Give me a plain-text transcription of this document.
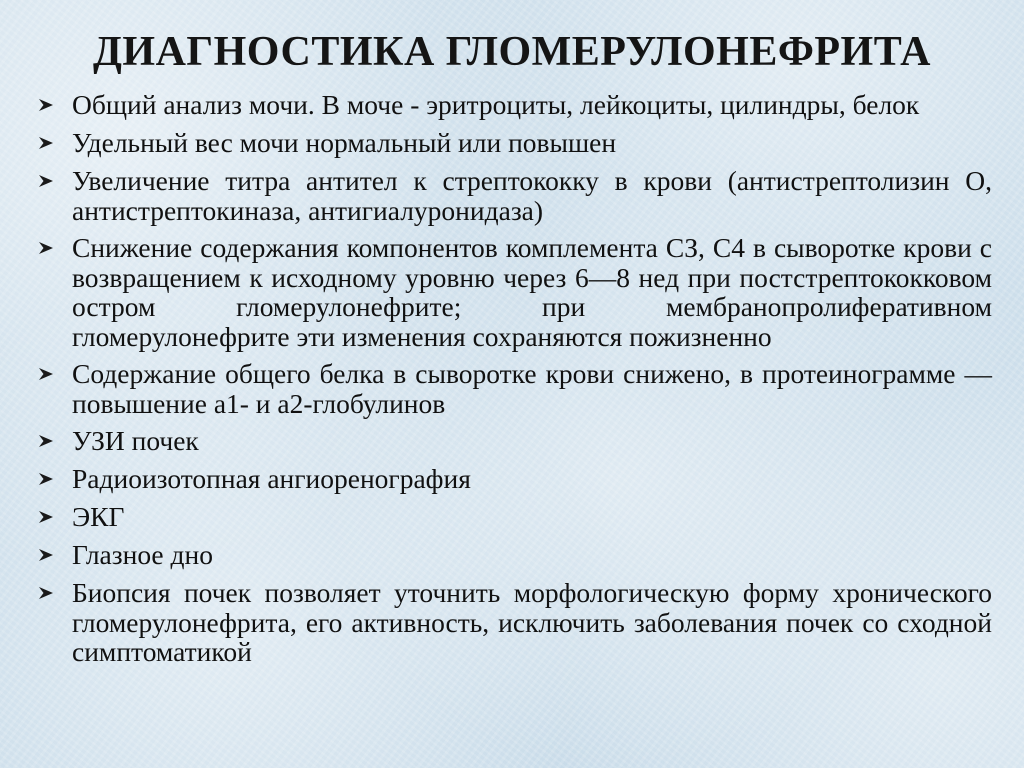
ДИАГНОСТИКА ГЛОМЕРУЛОНЕФРИТА
Общий анализ мочи. В моче - эритроциты, лейкоциты, цилиндры, белок
Удельный вес мочи нормальный или повышен
Увеличение титра антител к стрептококку в крови (антистрептолизин О, антистрептокиназа, антигиалуронидаза)
Снижение содержания компонентов комплемента СЗ, С4 в сыворотке крови с возвращением к исходному уровню через 6—8 нед при постстрептококковом остром гломерулонефрите; при мембранопролиферативном гломерулонефрите эти изменения сохраняются пожизненно
Содержание общего белка в сыворотке крови снижено, в протеинограмме — повышение а1- и а2-глобулинов
УЗИ почек
Радиоизотопная ангиореногpафия
ЭКГ
Глазное дно
Биопсия почек позволяет уточнить морфологическую форму хронического гломерулонефрита, его активность, исключить заболевания почек со сходной симптоматикой
